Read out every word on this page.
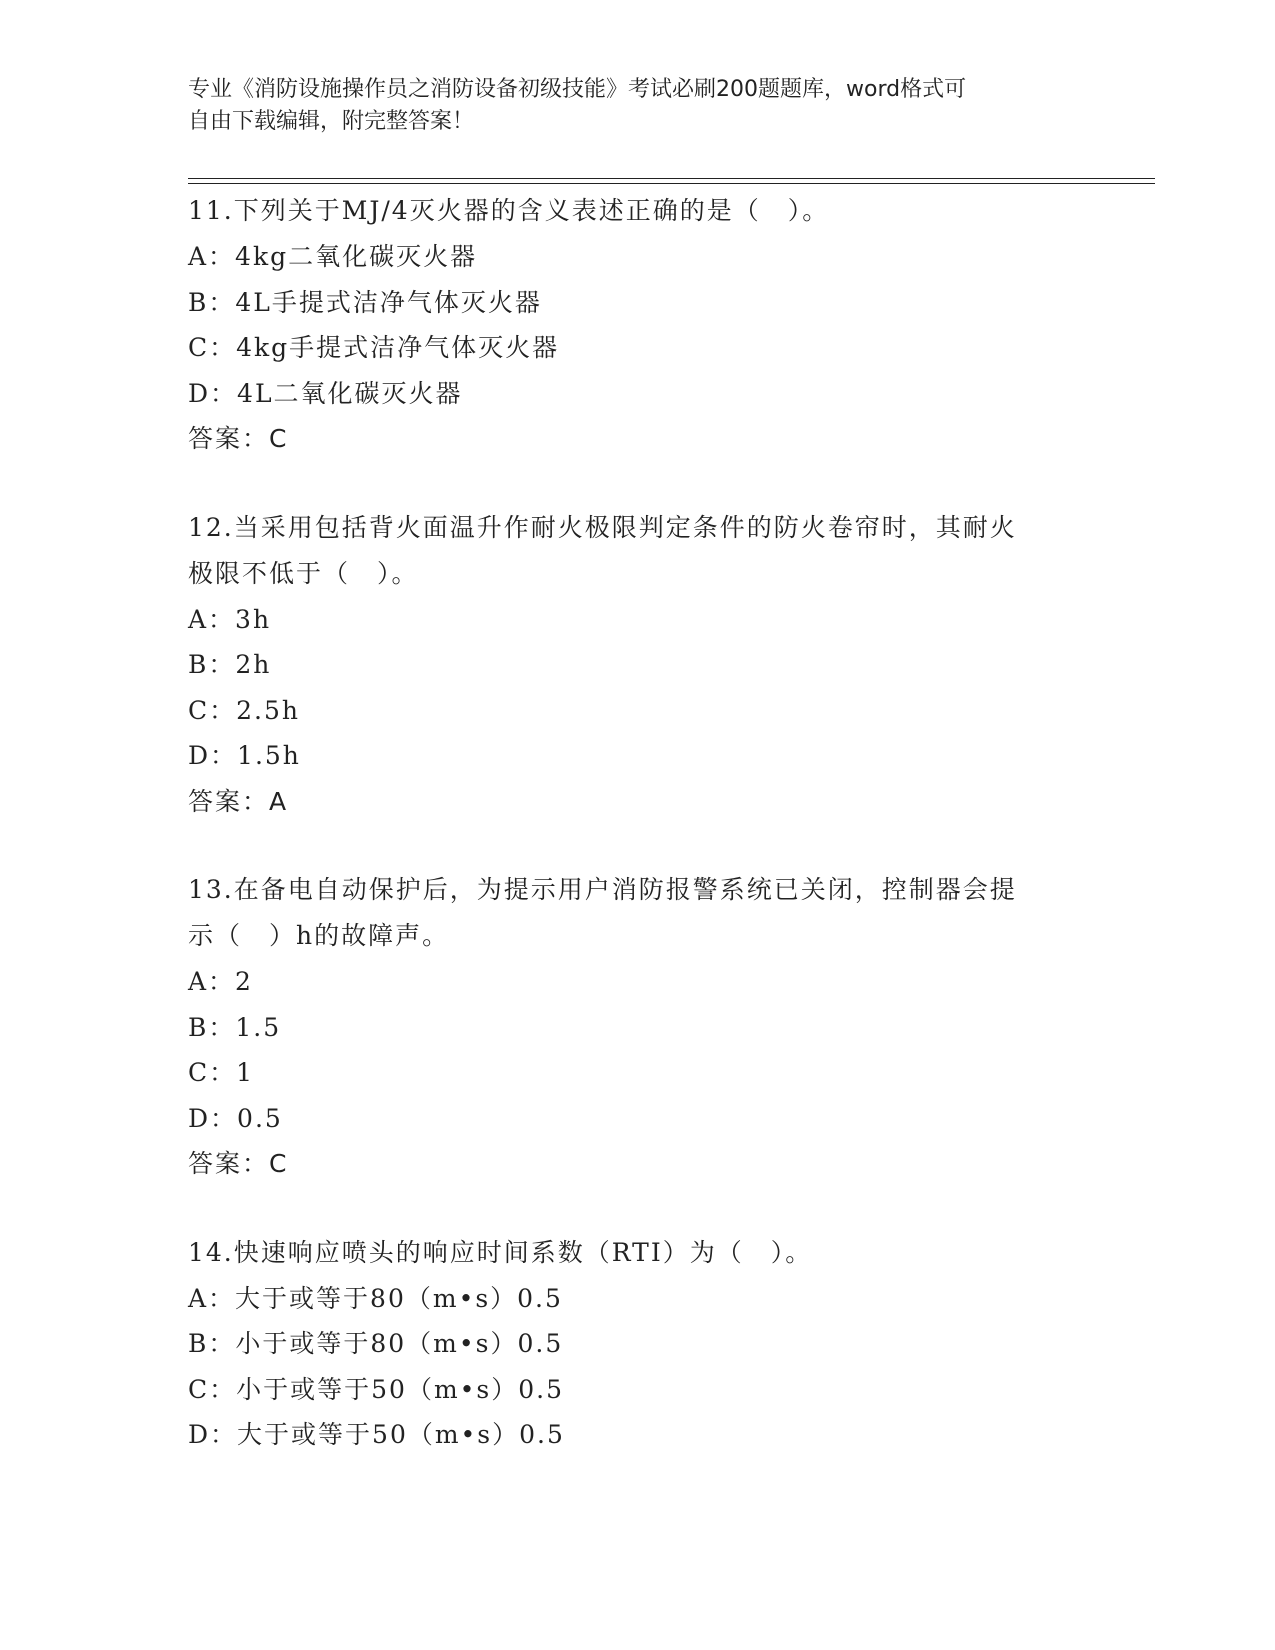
专业《消防设施操作员之消防设备初级技能》考试必刷200题题库，word格式可
自由下载编辑，附完整答案！
11.下列关于MJ/4灭火器的含义表述正确的是（　）。
A：4kg二氧化碳灭火器
B：4L手提式洁净气体灭火器
C：4kg手提式洁净气体灭火器
D：4L二氧化碳灭火器
答案：C
12.当采用包括背火面温升作耐火极限判定条件的防火卷帘时，其耐火
极限不低于（　）。
A：3h
B：2h
C：2.5h
D：1.5h
答案：A
13.在备电自动保护后，为提示用户消防报警系统已关闭，控制器会提
示（　）h的故障声。
A：2
B：1.5
C：1
D：0.5
答案：C
14.快速响应喷头的响应时间系数（RTI）为（　）。
A：大于或等于80（m•s）0.5
B：小于或等于80（m•s）0.5
C：小于或等于50（m•s）0.5
D：大于或等于50（m•s）0.5
